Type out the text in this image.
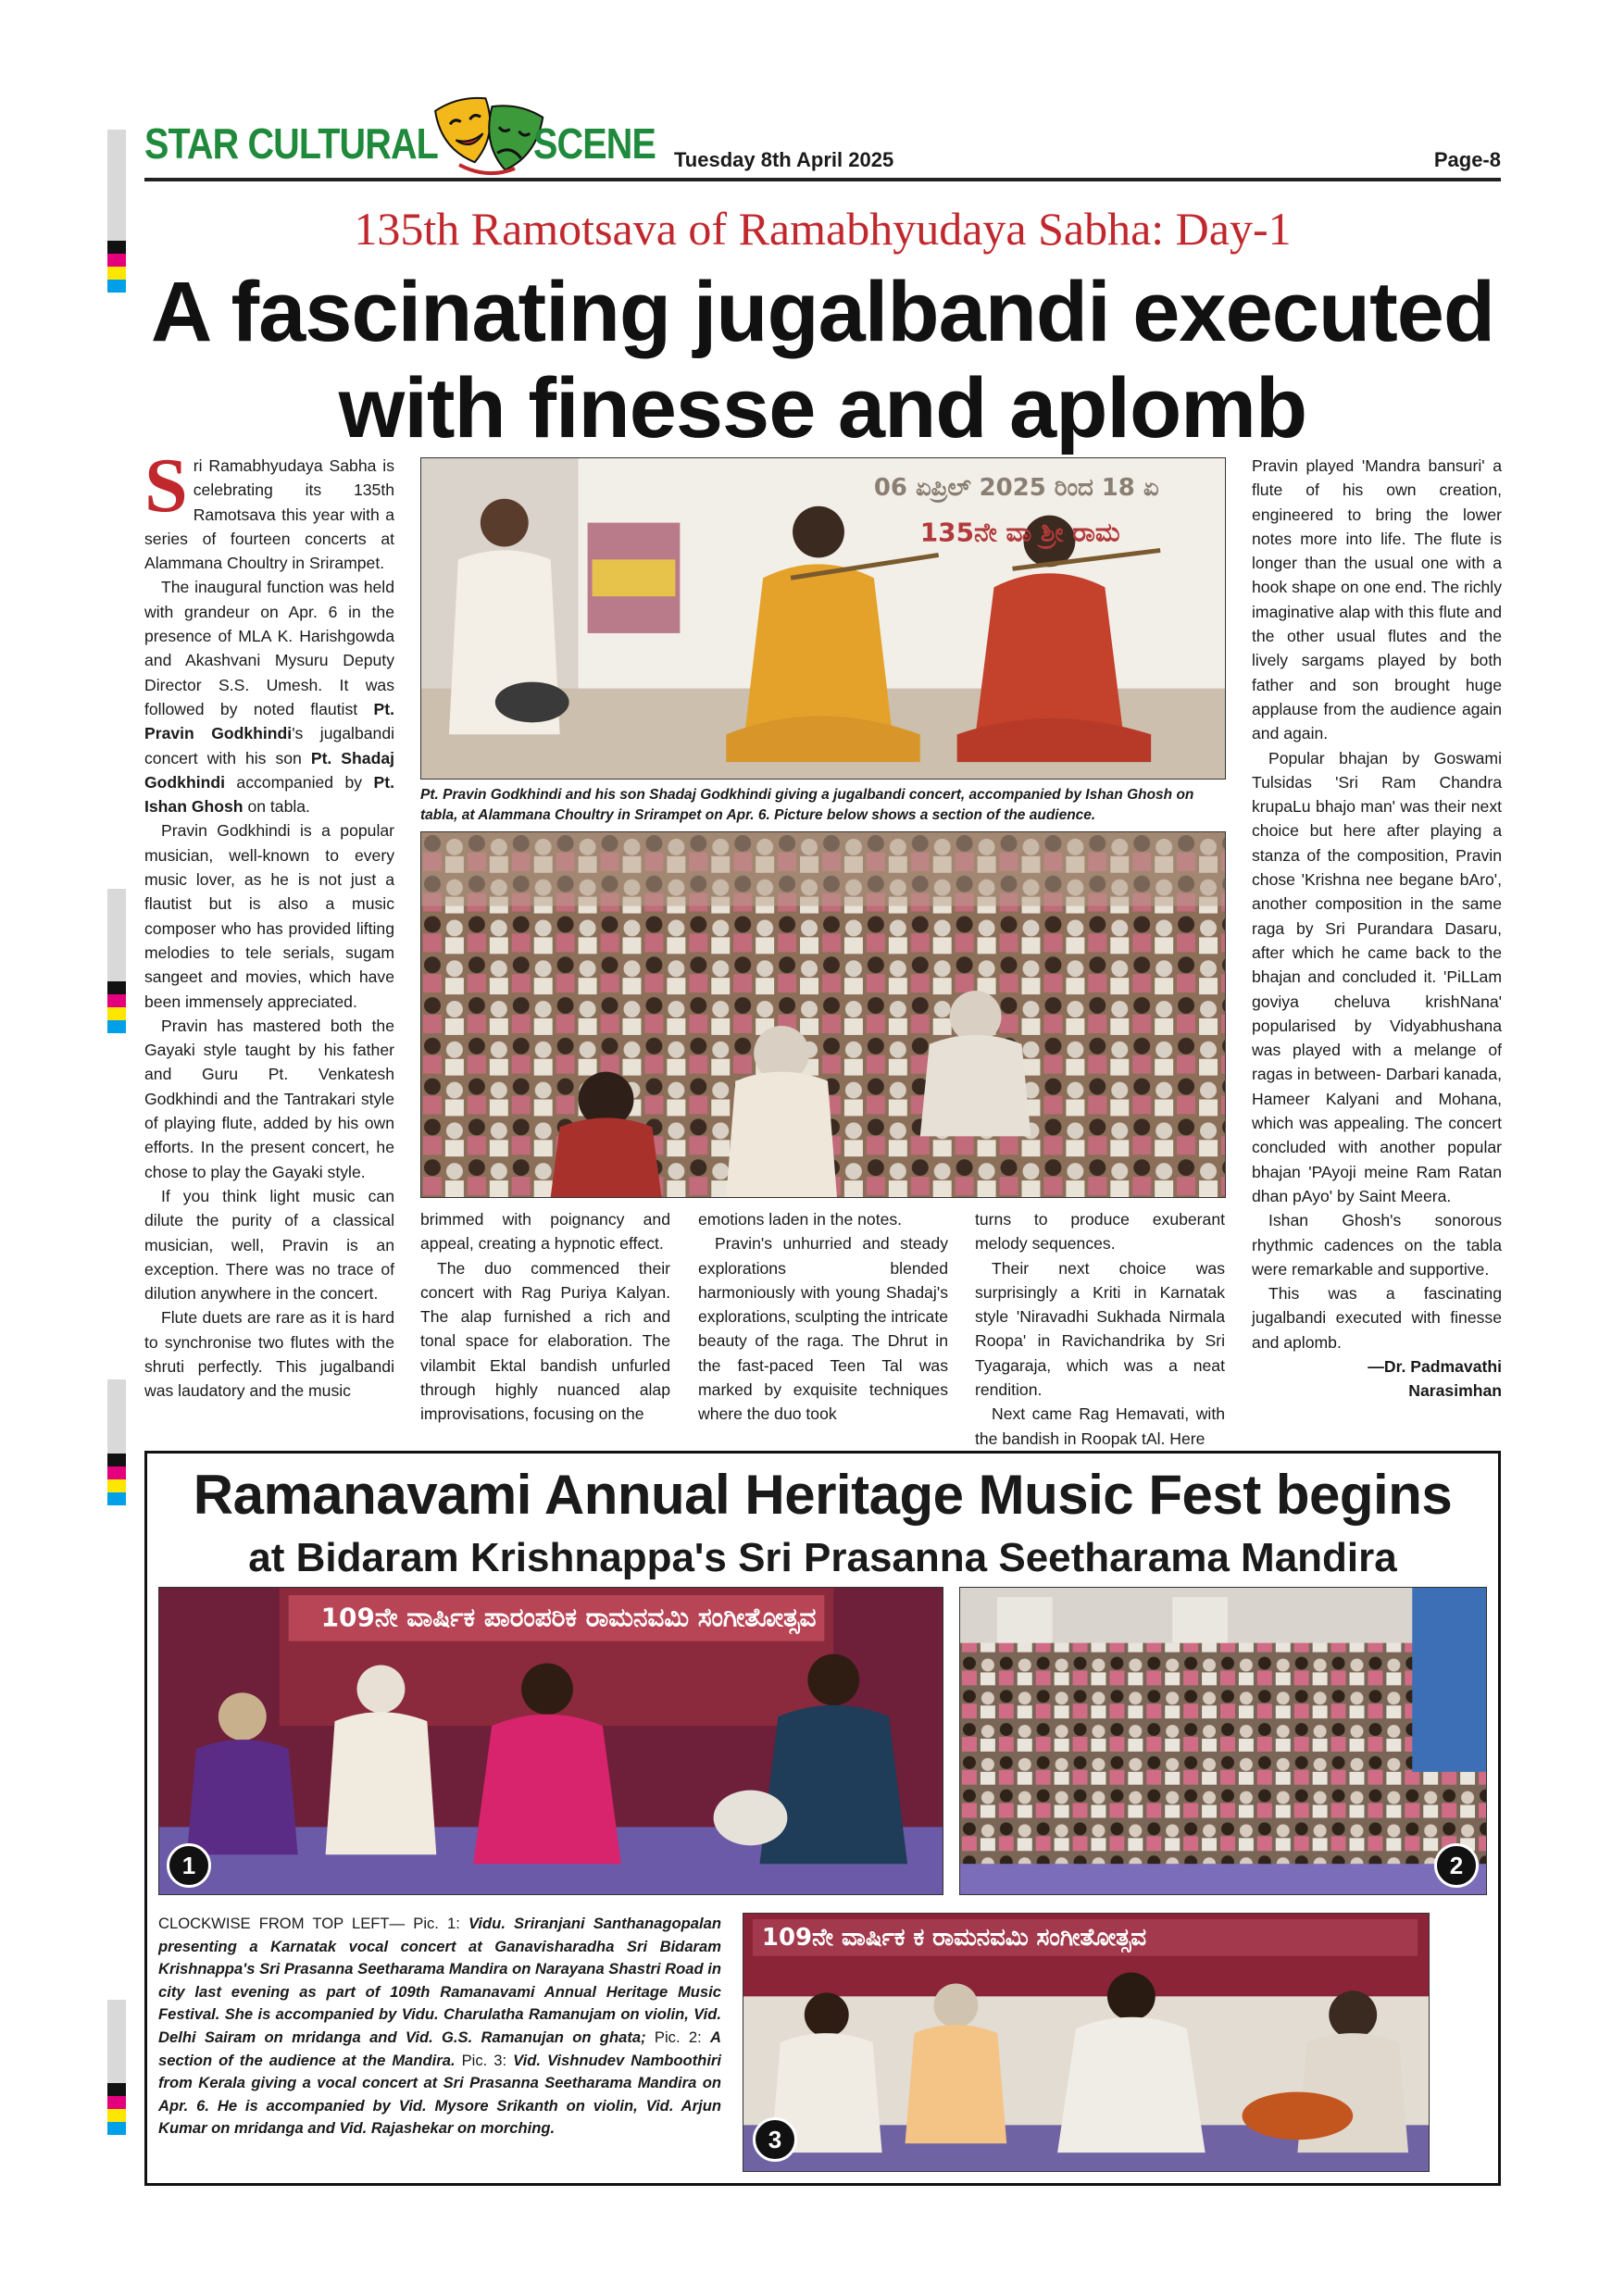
STAR CULTURAL SCENE Tuesday 8th April 2025	Page-8
135th Ramotsava of Ramabhyudaya Sabha: Day-1
A fascinating jugalbandi executed
with finesse and aplomb

Sri Ramabhyudaya Sabha is celebrating its 135th Ramotsava this year with a series of fourteen concerts at Alammana Choultry in Srirampet.

The inaugural function was held with grandeur on Apr. 6 in the presence of MLA K. Harishgowda and Akashvani Mysuru Deputy Director S.S. Umesh. It was followed by noted flautist Pt. Pravin Godkhindi's jugalbandi concert with his son Pt. Shadaj Godkhindi accompanied by Pt. Ishan Ghosh on tabla.

Pravin Godkhindi is a popular musician, well-known to every music lover, as he is not just a flautist but is also a music composer who has provided lifting melodies to tele serials, sugam sangeet and movies, which have been immensely appreciated.

Pravin has mastered both the Gayaki style taught by his father and Guru Pt. Venkatesh Godkhindi and the Tantrakari style of playing flute, added by his own efforts. In the present concert, he chose to play the Gayaki style.

If you think light music can dilute the purity of a classical musician, well, Pravin is an exception. There was no trace of dilution anywhere in the concert.

Flute duets are rare as it is hard to synchronise two flutes with the shruti perfectly. This jugalbandi was laudatory and the music

06 ಏಪ್ರಿಲ್ 2025 ರಿಂದ 18 ಏ
135ನೇ ವಾ ಶ್ರೀ ರಾಮ
Pt. Pravin Godkhindi and his son Shadaj Godkhindi giving a jugalbandi concert, accompanied by Ishan Ghosh on tabla, at Alammana Choultry in Srirampet on Apr. 6. Picture below shows a section of the audience.

brimmed with poignancy and appeal, creating a hypnotic effect.

The duo commenced their concert with Rag Puriya Kalyan. The alap furnished a rich and tonal space for elaboration. The vilambit Ektal bandish unfurled through highly nuanced alap improvisations, focusing on the

emotions laden in the notes.

Pravin's unhurried and steady explorations blended harmoniously with young Shadaj's explorations, sculpting the intricate beauty of the raga. The Dhrut in the fast-paced Teen Tal was marked by exquisite techniques where the duo took

turns to produce exuberant melody sequences.

Their next choice was surprisingly a Kriti in Karnatak style 'Niravadhi Sukhada Nirmala Roopa' in Ravichandrika by Sri Tyagaraja, which was a neat rendition.

Next came Rag Hemavati, with the bandish in Roopak tAl. Here

Pravin played 'Mandra bansuri' a flute of his own creation, engineered to bring the lower notes more into life. The flute is longer than the usual one with a hook shape on one end. The richly imaginative alap with this flute and the other usual flutes and the lively sargams played by both father and son brought huge applause from the audience again and again.

Popular bhajan by Goswami Tulsidas 'Sri Ram Chandra krupaLu bhajo man' was their next choice but here after playing a stanza of the composition, Pravin chose 'Krishna nee begane bAro', another composition in the same raga by Sri Purandara Dasaru, after which he came back to the bhajan and concluded it. 'PiLLam goviya cheluva krishNana' popularised by Vidyabhushana was played with a melange of ragas in between- Darbari kanada, Hameer Kalyani and Mohana, which was appealing. The concert concluded with another popular bhajan 'PAyoji meine Ram Ratan dhan pAyo' by Saint Meera.

Ishan Ghosh's sonorous rhythmic cadences on the tabla were remarkable and supportive.

This was a fascinating jugalbandi executed with finesse and aplomb.

—Dr. Padmavathi

Narasimhan

Ramanavami Annual Heritage Music Fest begins
at Bidaram Krishnappa's Sri Prasanna Seetharama Mandira
109ನೇ ವಾರ್ಷಿಕ ಪಾರಂಪರಿಕ ರಾಮನವಮಿ ಸಂಗೀತೋತ್ಸವ
1	2
CLOCKWISE FROM TOP LEFT— Pic. 1: Vidu. Sriranjani Santhanagopalan presenting a Karnatak vocal concert at Ganavisharadha Sri Bidaram Krishnappa's Sri Prasanna Seetharama Mandira on Narayana Shastri Road in city last evening as part of 109th Ramanavami Annual Heritage Music Festival. She is accompanied by Vidu. Charulatha Ramanujam on violin, Vid. Delhi Sairam on mridanga and Vid. G.S. Ramanujan on ghata; Pic. 2: A section of the audience at the Mandira. Pic. 3: Vid. Vishnudev Namboothiri from Kerala giving a vocal concert at Sri Prasanna Seetharama Mandira on Apr. 6. He is accompanied by Vid. Mysore Srikanth on violin, Vid. Arjun Kumar on mridanga and Vid. Rajashekar on morching.
109ನೇ ವಾರ್ಷಿಕ ಕ ರಾಮನವಮಿ ಸಂಗೀತೋತ್ಸವ
3
